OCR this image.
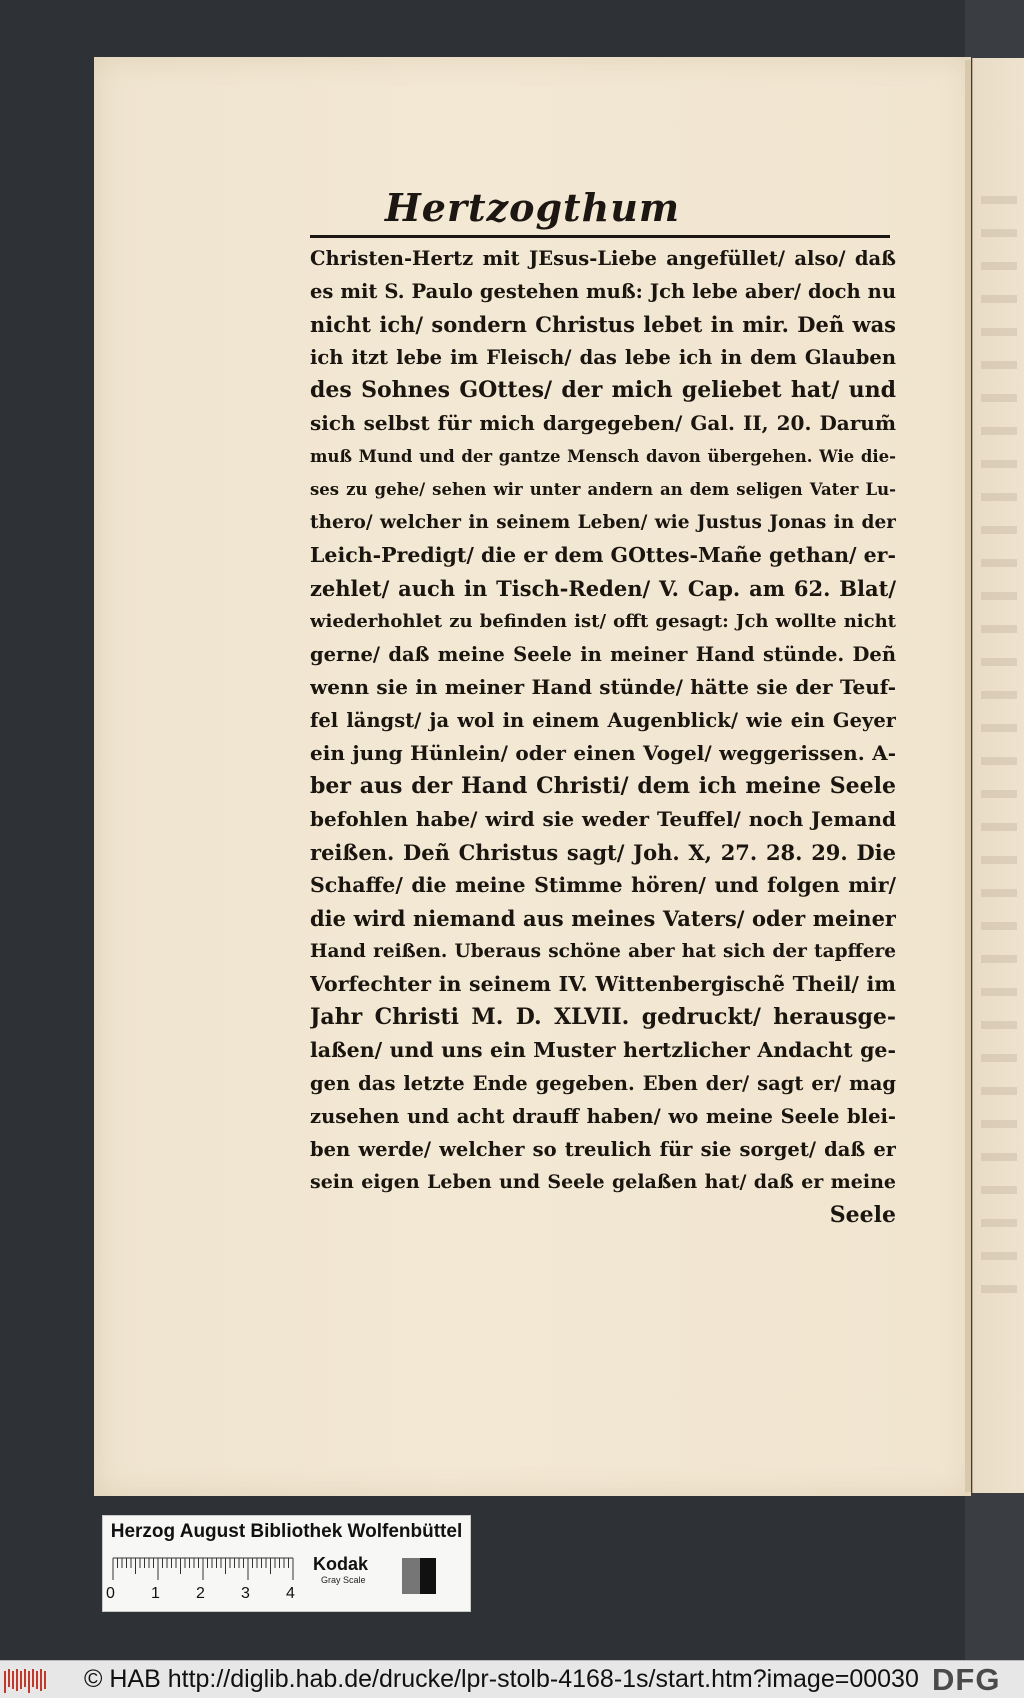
Hertzogthum
Christen-Hertz mit JEsus-Liebe angefüllet/ also/ daß
es mit S. Paulo gestehen muß: Jch lebe aber/ doch nu
nicht ich/ sondern Christus lebet in mir. Deñ was
ich itzt lebe im Fleisch/ das lebe ich in dem Glauben
des Sohnes GOttes/ der mich geliebet hat/ und
sich selbst für mich dargegeben/ Gal. II, 20. Darum̃
muß Mund und der gantze Mensch davon übergehen. Wie die-
ses zu gehe/ sehen wir unter andern an dem seligen Vater Lu-
thero/ welcher in seinem Leben/ wie Justus Jonas in der
Leich-Predigt/ die er dem GOttes-Mañe gethan/ er-
zehlet/ auch in Tisch-Reden/ V. Cap. am 62. Blat/
wiederhohlet zu befinden ist/ offt gesagt: Jch wollte nicht
gerne/ daß meine Seele in meiner Hand stünde. Deñ
wenn sie in meiner Hand stünde/ hätte sie der Teuf-
fel längst/ ja wol in einem Augenblick/ wie ein Geyer
ein jung Hünlein/ oder einen Vogel/ weggerissen. A-
ber aus der Hand Christi/ dem ich meine Seele
befohlen habe/ wird sie weder Teuffel/ noch Jemand
reißen. Deñ Christus sagt/ Joh. X, 27. 28. 29. Die
Schaffe/ die meine Stimme hören/ und folgen mir/
die wird niemand aus meines Vaters/ oder meiner
Hand reißen. Uberaus schöne aber hat sich der tapffere
Vorfechter in seinem IV. Wittenbergischẽ Theil/ im
Jahr Christi M. D. XLVII. gedruckt/ herausge-
laßen/ und uns ein Muster hertzlicher Andacht ge-
gen das letzte Ende gegeben. Eben der/ sagt er/ mag
zusehen und acht drauff haben/ wo meine Seele blei-
ben werde/ welcher so treulich für sie sorget/ daß er
sein eigen Leben und Seele gelaßen hat/ daß er meine
Seele

Herzog August Bibliothek Wolfenbüttel
0 1 2 3 4
Kodak
Gray Scale
© HAB http://diglib.hab.de/drucke/lpr-stolb-4168-1s/start.htm?image=00030 DFG
